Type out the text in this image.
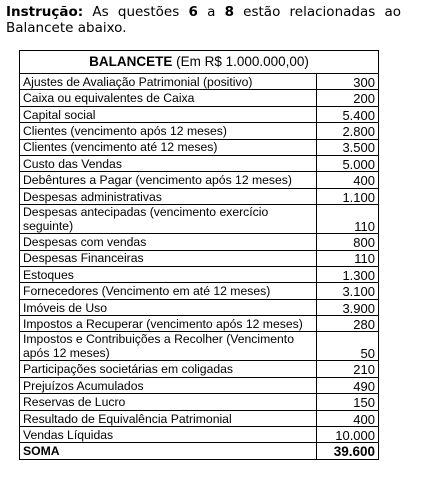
Instrução: As questões 6 a 8 estão relacionadas ao Balancete abaixo.
BALANCETE (Em R$ 1.000.000,00)	
Ajustes de Avaliação Patrimonial (positivo)	300
Caixa ou equivalentes de Caixa	200
Capital social	5.400
Clientes (vencimento após 12 meses)	2.800
Clientes (vencimento até 12 meses)	3.500
Custo das Vendas	5.000
Debêntures a Pagar (vencimento após 12 meses)	400
Despesas administrativas	1.100
Despesas antecipadas (vencimento exercício seguinte)	110
Despesas com vendas	800
Despesas Financeiras	110
Estoques	1.300
Fornecedores (Vencimento em até 12 meses)	3.100
Imóveis de Uso	3.900
Impostos a Recuperar (vencimento após 12 meses)	280
Impostos e Contribuições a Recolher (Vencimento após 12 meses)	50
Participações societárias em coligadas	210
Prejuízos Acumulados	490
Reservas de Lucro	150
Resultado de Equivalência Patrimonial	400
Vendas Líquidas	10.000
SOMA	39.600
